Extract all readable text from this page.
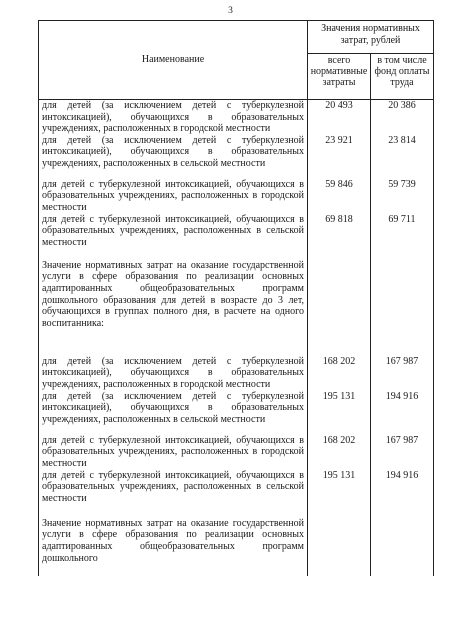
3
Наименование	Значения нормативных затрат, рублей	
	всего нормативные затраты	в том числе фонд оплаты труда
для детей (за исключением детей с туберкулезной интоксикацией), обучающихся в образовательных учреждениях, расположенных в городской местности	20 493	20 386
для детей (за исключением детей с туберкулезной интоксикацией), обучающихся в образовательных учреждениях, расположенных в сельской местности	23 921	23 814
для детей с туберкулезной интоксикацией, обучающихся в образовательных учреждениях, расположенных в городской местности	59 846	59 739
для детей с туберкулезной интоксикацией, обучающихся в образовательных учреждениях, расположенных в сельской местности	69 818	69 711
Значение нормативных затрат на оказание государственной услуги в сфере образования по реализации основных адаптированных общеобразовательных программ дошкольного образования для детей в возрасте до 3 лет, обучающихся в группах полного дня, в расчете на одного воспитанника:		
для детей (за исключением детей с туберкулезной интоксикацией), обучающихся в образовательных учреждениях, расположенных в городской местности	168 202	167 987
для детей (за исключением детей с туберкулезной интоксикацией), обучающихся в образовательных учреждениях, расположенных в сельской местности	195 131	194 916
для детей с туберкулезной интоксикацией, обучающихся в образовательных учреждениях, расположенных в городской местности	168 202	167 987
для детей с туберкулезной интоксикацией, обучающихся в образовательных учреждениях, расположенных в сельской местности	195 131	194 916
Значение нормативных затрат на оказание государственной услуги в сфере образования по реализации основных адаптированных общеобразовательных программ дошкольного		
